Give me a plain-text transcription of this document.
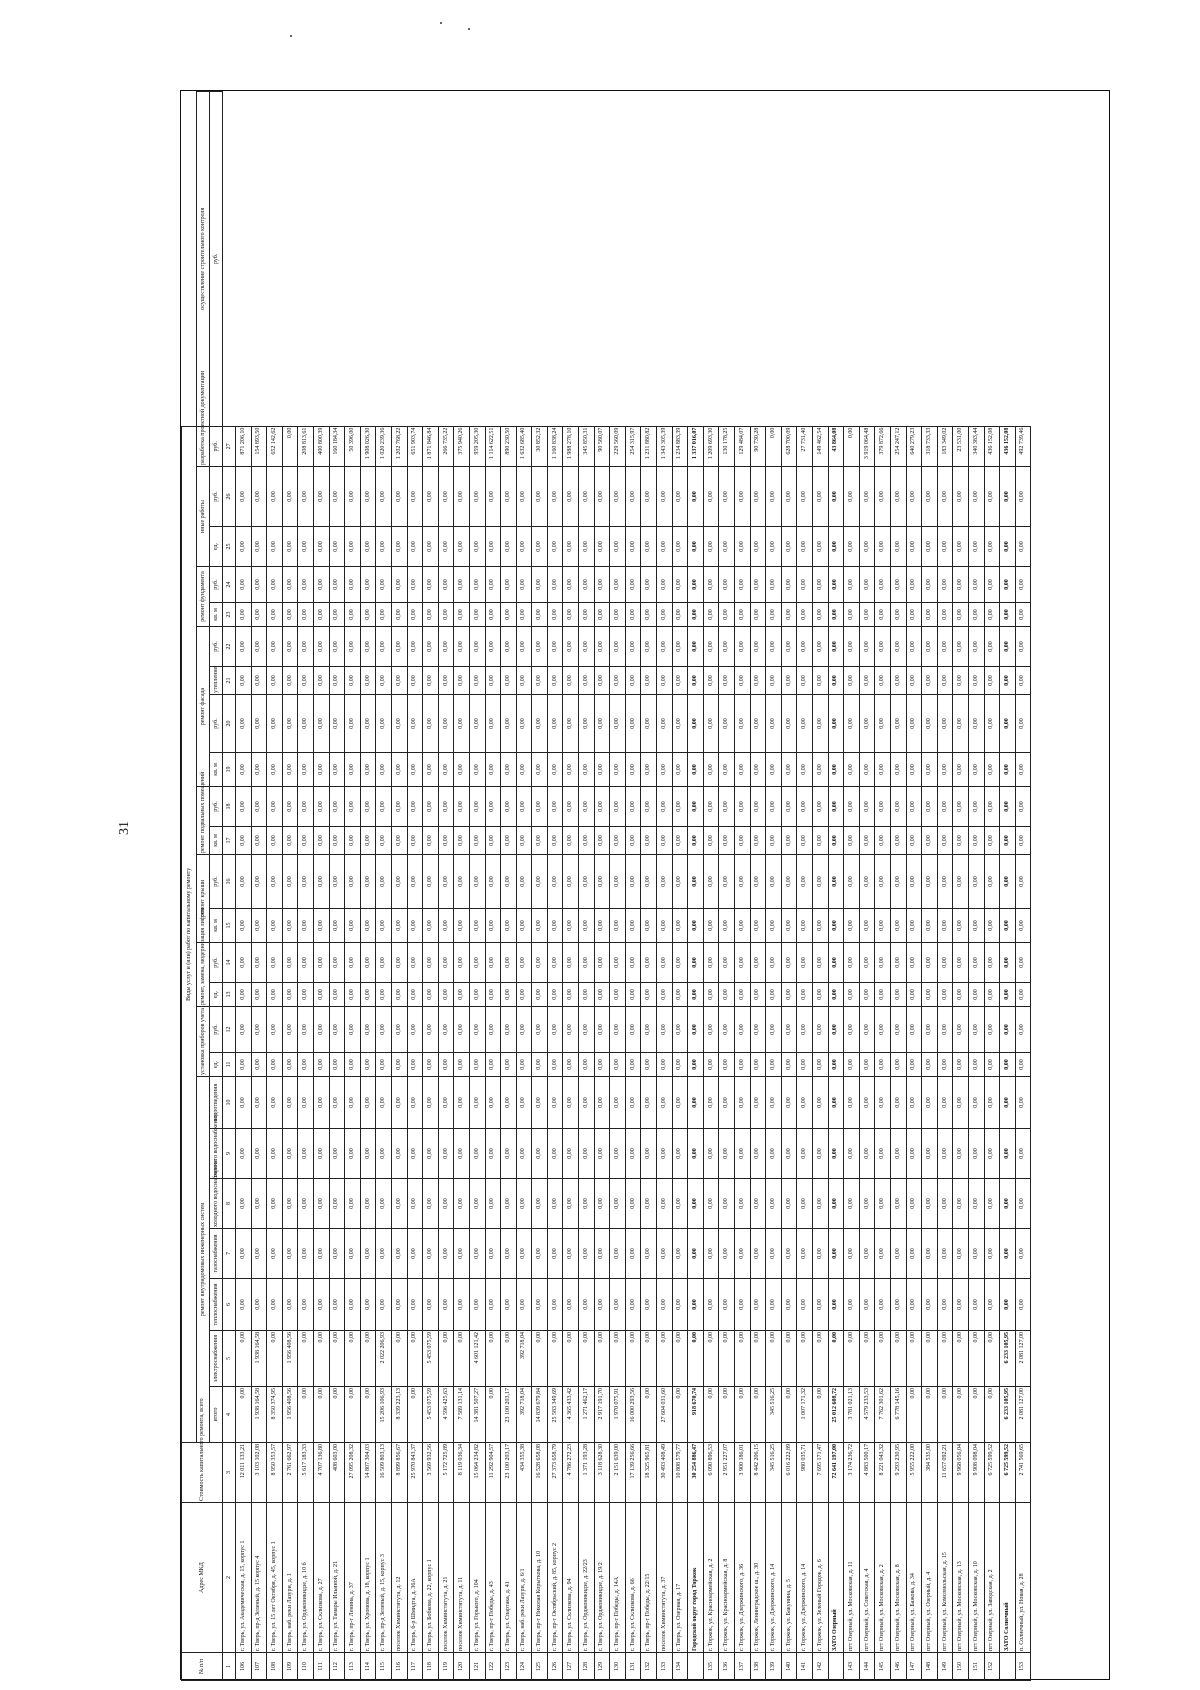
31
№ п/п	Адрес МКД	Стоимость капитального ремонта, всего	Виды услуг и (или) работ по капитальному ремонту																								
			ремонт внутридомовых инженерных систем							установка приборов учета		ремонт, замена, модернизация лифтов		ремонт крыши		ремонт подвальных помещений		ремонт фасада				ремонт фундамента		иные работы		разработка проектной документации	осуществление строительного контроля
			итого	электроснабжения	теплоснабжения	газоснабжения	холодного водоснабжения	горячего водоснабжения	водоотведения	ед.	руб.	ед.	руб.	кв. м	руб.	кв. м	руб.	кв. м	руб.	утепление	руб.	кв. м	руб.	ед.	руб.	руб.	руб.
1	2	3	4	5	6	7	8	9	10	11	12	13	14	15	16	17	18	19	20	21	22	23	24	25	26	27	
106	г. Тверь, ул. Академическая, д. 15, корпус 1	12 011 133,21	0,00	0,00	0,00	0,00	0,00	0,00	0,00	0,00	0,00	0,00	0,00	0,00	0,00	0,00	0,00	0,00	0,00	0,00	0,00	0,00	0,00	0,00	0,00	871 206,10	
107	г. Тверь, пр-д Зеленый, д. 15 корпус 4	3 103 102,08	1 938 164,58	1 938 164,58	0,00	0,00	0,00	0,00	0,00	0,00	0,00	0,00	0,00	0,00	0,00	0,00	0,00	0,00	0,00	0,00	0,00	0,00	0,00	0,00	0,00	154 893,50	
108	г. Тверь, ул. 15 лет Октября, д. 45, корпус 1	8 950 353,57	8 350 374,95	0,00	0,00	0,00	0,00	0,00	0,00	0,00	0,00	0,00	0,00	0,00	0,00	0,00	0,00	0,00	0,00	0,00	0,00	0,00	0,00	0,00	0,00	652 142,62	
109	г. Тверь, наб. реки Лазури, д. 1	2 761 662,97	1 956 408,56	1 956 408,56	0,00	0,00	0,00	0,00	0,00	0,00	0,00	0,00	0,00	0,00	0,00	0,00	0,00	0,00	0,00	0,00	0,00	0,00	0,00	0,00	0,00	0,00	
110	г. Тверь, ул. Орджоникидзе, д. 10 б	5 617 183,33	0,00	0,00	0,00	0,00	0,00	0,00	0,00	0,00	0,00	0,00	0,00	0,00	0,00	0,00	0,00	0,00	0,00	0,00	0,00	0,00	0,00	0,00	0,00	208 813,61	
111	г. Тверь, ул. Склизкова, д. 27	4 707 136,80	0,00	0,00	0,00	0,00	0,00	0,00	0,00	0,00	0,00	0,00	0,00	0,00	0,00	0,00	0,00	0,00	0,00	0,00	0,00	0,00	0,00	0,00	0,00	400 800,39	
112	г. Тверь, ул. Тамары Ильиной, д. 21	408 603,00	0,00	0,00	0,00	0,00	0,00	0,00	0,00	0,00	0,00	0,00	0,00	0,00	0,00	0,00	0,00	0,00	0,00	0,00	0,00	0,00	0,00	0,00	0,00	160 184,34	
113	г. Тверь, пр-т Ленина, д. 37	27 095 208,32	0,00	0,00	0,00	0,00	0,00	0,00	0,00	0,00	0,00	0,00	0,00	0,00	0,00	0,00	0,00	0,00	0,00	0,00	0,00	0,00	0,00	0,00	0,00	50 396,00	
114	г. Тверь, ул. Хромова, д. 18, корпус 1	14 807 304,03	0,00	0,00	0,00	0,00	0,00	0,00	0,00	0,00	0,00	0,00	0,00	0,00	0,00	0,00	0,00	0,00	0,00	0,00	0,00	0,00	0,00	0,00	0,00	1 908 026,30	
115	г. Тверь, пр-д Зеленый, д. 15, корпус 3	16 509 803,13	15 206 106,93	2 022 206,93	0,00	0,00	0,00	0,00	0,00	0,00	0,00	0,00	0,00	0,00	0,00	0,00	0,00	0,00	0,00	0,00	0,00	0,00	0,00	0,00	0,00	1 020 239,36	
116	поселок Химинститута, д. 12	8 899 856,67	8 339 223,13	0,00	0,00	0,00	0,00	0,00	0,00	0,00	0,00	0,00	0,00	0,00	0,00	0,00	0,00	0,00	0,00	0,00	0,00	0,00	0,00	0,00	0,00	1 202 768,22	
117	г. Тверь, б-р Шмидта, д. 36А	25 970 843,37	0,00	0,00	0,00	0,00	0,00	0,00	0,00	0,00	0,00	0,00	0,00	0,00	0,00	0,00	0,00	0,00	0,00	0,00	0,00	0,00	0,00	0,00	0,00	651 903,74	
118	г. Тверь, ул. Бобкова, д. 22, корпус 1	3 569 932,56	5 453 075,59	5 453 075,59	0,00	0,00	0,00	0,00	0,00	0,00	0,00	0,00	0,00	0,00	0,00	0,00	0,00	0,00	0,00	0,00	0,00	0,00	0,00	0,00	0,00	1 871 846,84	
119	поселок Химинститута, д. 21	5 172 725,89	4 596 425,63	0,00	0,00	0,00	0,00	0,00	0,00	0,00	0,00	0,00	0,00	0,00	0,00	0,00	0,00	0,00	0,00	0,00	0,00	0,00	0,00	0,00	0,00	266 735,22	
120	поселок Химинститута, д. 11	8 119 036,34	7 589 131,14	0,00	0,00	0,00	0,00	0,00	0,00	0,00	0,00	0,00	0,00	0,00	0,00	0,00	0,00	0,00	0,00	0,00	0,00	0,00	0,00	0,00	0,00	375 940,26	
121	г. Тверь, ул. Горького, д. 104	15 064 234,82	14 381 507,27	4 601 121,42	0,00	0,00	0,00	0,00	0,00	0,00	0,00	0,00	0,00	0,00	0,00	0,00	0,00	0,00	0,00	0,00	0,00	0,00	0,00	0,00	0,00	959 205,30	
122	г. Тверь, пр-т Победы, д. 43	11 292 904,57	0,00	0,00	0,00	0,00	0,00	0,00	0,00	0,00	0,00	0,00	0,00	0,00	0,00	0,00	0,00	0,00	0,00	0,00	0,00	0,00	0,00	0,00	0,00	1 114 622,51	
123	г. Тверь, ул. Спартака, д. 41	23 100 203,17	23 100 203,17	0,00	0,00	0,00	0,00	0,00	0,00	0,00	0,00	0,00	0,00	0,00	0,00	0,00	0,00	0,00	0,00	0,00	0,00	0,00	0,00	0,00	0,00	890 230,50	
124	г. Тверь, наб. реки Лазури, д. 6/1	434 355,38	392 718,04	392 718,04	0,00	0,00	0,00	0,00	0,00	0,00	0,00	0,00	0,00	0,00	0,00	0,00	0,00	0,00	0,00	0,00	0,00	0,00	0,00	0,00	0,00	1 632 685,40	
125	г. Тверь, пр-т Николая Корыткова, д. 10	16 528 658,08	14 839 679,84	0,00	0,00	0,00	0,00	0,00	0,00	0,00	0,00	0,00	0,00	0,00	0,00	0,00	0,00	0,00	0,00	0,00	0,00	0,00	0,00	0,00	0,00	30 852,32	
126	г. Тверь, пр-т Октябрьский, д. 85, корпус 2	27 373 658,79	25 583 349,69	0,00	0,00	0,00	0,00	0,00	0,00	0,00	0,00	0,00	0,00	0,00	0,00	0,00	0,00	0,00	0,00	0,00	0,00	0,00	0,00	0,00	0,00	1 160 838,24	
127	г. Тверь, ул. Склизкова, д. 94	4 786 272,23	4 365 433,42	0,00	0,00	0,00	0,00	0,00	0,00	0,00	0,00	0,00	0,00	0,00	0,00	0,00	0,00	0,00	0,00	0,00	0,00	0,00	0,00	0,00	0,00	1 988 278,10	
128	г. Тверь, ул. Орджоникидзе, д. 22/23	1 371 193,28	1 271 462,17	0,00	0,00	0,00	0,00	0,00	0,00	0,00	0,00	0,00	0,00	0,00	0,00	0,00	0,00	0,00	0,00	0,00	0,00	0,00	0,00	0,00	0,00	345 850,31	
129	г. Тверь, ул. Орджоникидзе, д. 19/2	3 118 628,30	2 917 191,70	0,00	0,00	0,00	0,00	0,00	0,00	0,00	0,00	0,00	0,00	0,00	0,00	0,00	0,00	0,00	0,00	0,00	0,00	0,00	0,00	0,00	0,00	90 580,07	
130	г. Тверь, пр-т Победы, д. 14А	2 151 639,00	1 970 075,91	0,00	0,00	0,00	0,00	0,00	0,00	0,00	0,00	0,00	0,00	0,00	0,00	0,00	0,00	0,00	0,00	0,00	0,00	0,00	0,00	0,00	0,00	229 560,09	
131	г. Тверь, ул. Склизкова, д. 66	17 139 256,66	16 000 293,56	0,00	0,00	0,00	0,00	0,00	0,00	0,00	0,00	0,00	0,00	0,00	0,00	0,00	0,00	0,00	0,00	0,00	0,00	0,00	0,00	0,00	0,00	254 315,97	
132	г. Тверь, пр-т Победы, д. 22/15	18 325 965,81	0,00	0,00	0,00	0,00	0,00	0,00	0,00	0,00	0,00	0,00	0,00	0,00	0,00	0,00	0,00	0,00	0,00	0,00	0,00	0,00	0,00	0,00	0,00	1 231 880,82	
133	поселок Химинститута, д. 37	30 493 408,49	27 604 031,60	0,00	0,00	0,00	0,00	0,00	0,00	0,00	0,00	0,00	0,00	0,00	0,00	0,00	0,00	0,00	0,00	0,00	0,00	0,00	0,00	0,00	0,00	1 343 305,39	
134	г. Тверь, ул. Озерная, д. 17	10 808 579,77	0,00	0,00	0,00	0,00	0,00	0,00	0,00	0,00	0,00	0,00	0,00	0,00	0,00	0,00	0,00	0,00	0,00	0,00	0,00	0,00	0,00	0,00	0,00	1 234 883,39	
	Городской округ город Торжок	30 254 886,47	918 670,74	0,00	0,00	0,00	0,00	0,00	0,00	0,00	0,00	0,00	0,00	0,00	0,00	0,00	0,00	0,00	0,00	0,00	0,00	0,00	0,00	0,00	0,00	1 337 016,07	
135	г. Торжок, ул. Красноармейская, д. 2	6 090 896,53	0,00	0,00	0,00	0,00	0,00	0,00	0,00	0,00	0,00	0,00	0,00	0,00	0,00	0,00	0,00	0,00	0,00	0,00	0,00	0,00	0,00	0,00	0,00	1 209 693,30	
136	г. Торжок, ул. Красноармейская, д. 8	2 951 227,07	0,00	0,00	0,00	0,00	0,00	0,00	0,00	0,00	0,00	0,00	0,00	0,00	0,00	0,00	0,00	0,00	0,00	0,00	0,00	0,00	0,00	0,00	0,00	130 178,25	
137	г. Торжок, ул. Дзержинского, д. 36	3 900 186,01	0,00	0,00	0,00	0,00	0,00	0,00	0,00	0,00	0,00	0,00	0,00	0,00	0,00	0,00	0,00	0,00	0,00	0,00	0,00	0,00	0,00	0,00	0,00	129 484,07	
138	г. Торжок, Ленинградское ш., д. 30	8 442 206,15	0,00	0,00	0,00	0,00	0,00	0,00	0,00	0,00	0,00	0,00	0,00	0,00	0,00	0,00	0,00	0,00	0,00	0,00	0,00	0,00	0,00	0,00	0,00	90 730,28	
139	г. Торжок, ул. Дзержинского, д. 14	345 516,25	345 516,25	0,00	0,00	0,00	0,00	0,00	0,00	0,00	0,00	0,00	0,00	0,00	0,00	0,00	0,00	0,00	0,00	0,00	0,00	0,00	0,00	0,00	0,00	0,00	
140	г. Торжок, ул. Бакунина, д. 5	6 016 222,89	0,00	0,00	0,00	0,00	0,00	0,00	0,00	0,00	0,00	0,00	0,00	0,00	0,00	0,00	0,00	0,00	0,00	0,00	0,00	0,00	0,00	0,00	0,00	628 700,09	
141	г. Торжок, ул. Дзержинского, д. 14	980 035,71	1 007 171,32	0,00	0,00	0,00	0,00	0,00	0,00	0,00	0,00	0,00	0,00	0,00	0,00	0,00	0,00	0,00	0,00	0,00	0,00	0,00	0,00	0,00	0,00	27 731,40	
142	г. Торжок, ул. Зеленый Городок, д. 6	7 695 171,47	0,00	0,00	0,00	0,00	0,00	0,00	0,00	0,00	0,00	0,00	0,00	0,00	0,00	0,00	0,00	0,00	0,00	0,00	0,00	0,00	0,00	0,00	0,00	149 462,54	
	ЗАТО Озерный	72 641 197,00	25 012 608,72	0,00	0,00	0,00	0,00	0,00	0,00	0,00	0,00	0,00	0,00	0,00	0,00	0,00	0,00	0,00	0,00	0,00	0,00	0,00	0,00	0,00	0,00	43 864,08	
143	пгт Озерный, ул. Московская, д. 11	3 174 236,72	3 781 021,13	0,00	0,00	0,00	0,00	0,00	0,00	0,00	0,00	0,00	0,00	0,00	0,00	0,00	0,00	0,00	0,00	0,00	0,00	0,00	0,00	0,00	0,00	0,00	
144	пгт Озерный, ул. Советская, д. 4	4 883 500,17	4 579 233,53	0,00	0,00	0,00	0,00	0,00	0,00	0,00	0,00	0,00	0,00	0,00	0,00	0,00	0,00	0,00	0,00	0,00	0,00	0,00	0,00	0,00	0,00	3 919 064,48	
145	пгт Озерный, ул. Московская, д. 2	8 221 043,32	7 762 301,62	0,00	0,00	0,00	0,00	0,00	0,00	0,00	0,00	0,00	0,00	0,00	0,00	0,00	0,00	0,00	0,00	0,00	0,00	0,00	0,00	0,00	0,00	379 872,66	
146	пгт Озерный, ул. Московская, д. 8	9 293 230,95	6 778 145,16	0,00	0,00	0,00	0,00	0,00	0,00	0,00	0,00	0,00	0,00	0,00	0,00	0,00	0,00	0,00	0,00	0,00	0,00	0,00	0,00	0,00	0,00	254 247,12	
147	пгт Озерный, ул. Бажова, д. 34	5 955 222,00	0,00	0,00	0,00	0,00	0,00	0,00	0,00	0,00	0,00	0,00	0,00	0,00	0,00	0,00	0,00	0,00	0,00	0,00	0,00	0,00	0,00	0,00	0,00	640 279,23	
148	пгт Озерный, ул. Озерный, д. 4	384 535,00	0,00	0,00	0,00	0,00	0,00	0,00	0,00	0,00	0,00	0,00	0,00	0,00	0,00	0,00	0,00	0,00	0,00	0,00	0,00	0,00	0,00	0,00	0,00	318 733,33	
149	пгт Озерный, ул. Комсомольская, д. 15	11 657 092,21	0,00	0,00	0,00	0,00	0,00	0,00	0,00	0,00	0,00	0,00	0,00	0,00	0,00	0,00	0,00	0,00	0,00	0,00	0,00	0,00	0,00	0,00	0,00	183 349,02	
150	пгт Озерный, ул. Московская, д. 13	9 968 056,04	0,00	0,00	0,00	0,00	0,00	0,00	0,00	0,00	0,00	0,00	0,00	0,00	0,00	0,00	0,00	0,00	0,00	0,00	0,00	0,00	0,00	0,00	0,00	23 531,00	
151	пгт Озерный, ул. Московская, д. 10	9 908 098,04	0,00	0,00	0,00	0,00	0,00	0,00	0,00	0,00	0,00	0,00	0,00	0,00	0,00	0,00	0,00	0,00	0,00	0,00	0,00	0,00	0,00	0,00	0,00	340 383,44	
152	пгт Озерный, ул. Заводская, д. 2	6 725 599,52	0,00	0,00	0,00	0,00	0,00	0,00	0,00	0,00	0,00	0,00	0,00	0,00	0,00	0,00	0,00	0,00	0,00	0,00	0,00	0,00	0,00	0,00	0,00	436 152,08	
	ЗАТО Солнечный	6 725 599,52	6 233 105,95	6 233 105,95	0,00	0,00	0,00	0,00	0,00	0,00	0,00	0,00	0,00	0,00	0,00	0,00	0,00	0,00	0,00	0,00	0,00	0,00	0,00	0,00	0,00	436 152,08	
153	п. Солнечный, ул. Новая, д. 28	2 741 569,65	2 081 127,00	2 081 127,00	0,00	0,00	0,00	0,00	0,00	0,00	0,00	0,00	0,00	0,00	0,00	0,00	0,00	0,00	0,00	0,00	0,00	0,00	0,00	0,00	0,00	492 739,46	
